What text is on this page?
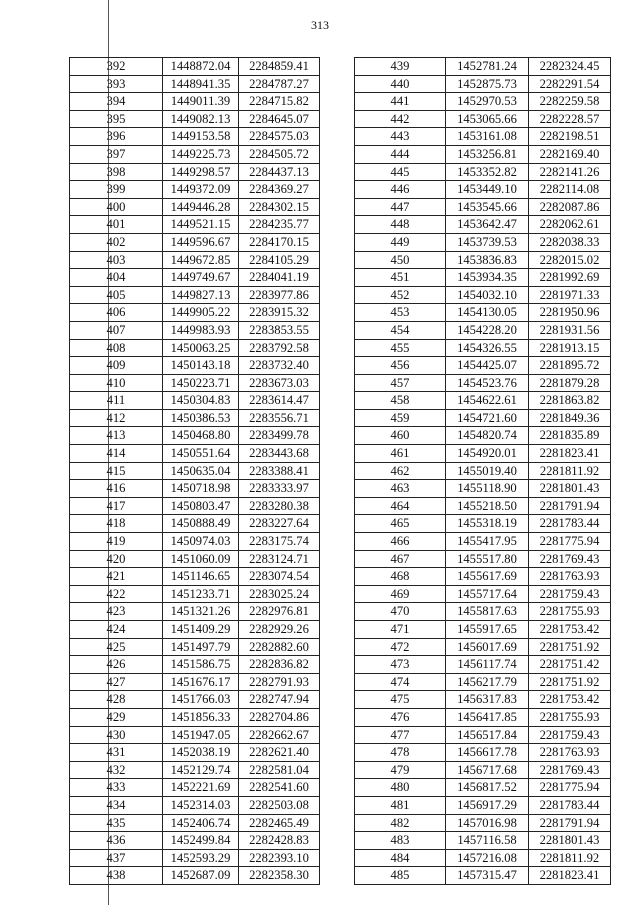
313
392	1448872.04	2284859.41
393	1448941.35	2284787.27
394	1449011.39	2284715.82
395	1449082.13	2284645.07
396	1449153.58	2284575.03
397	1449225.73	2284505.72
398	1449298.57	2284437.13
399	1449372.09	2284369.27
400	1449446.28	2284302.15
401	1449521.15	2284235.77
402	1449596.67	2284170.15
403	1449672.85	2284105.29
404	1449749.67	2284041.19
405	1449827.13	2283977.86
406	1449905.22	2283915.32
407	1449983.93	2283853.55
408	1450063.25	2283792.58
409	1450143.18	2283732.40
410	1450223.71	2283673.03
411	1450304.83	2283614.47
412	1450386.53	2283556.71
413	1450468.80	2283499.78
414	1450551.64	2283443.68
415	1450635.04	2283388.41
416	1450718.98	2283333.97
417	1450803.47	2283280.38
418	1450888.49	2283227.64
419	1450974.03	2283175.74
420	1451060.09	2283124.71
421	1451146.65	2283074.54
422	1451233.71	2283025.24
423	1451321.26	2282976.81
424	1451409.29	2282929.26
425	1451497.79	2282882.60
426	1451586.75	2282836.82
427	1451676.17	2282791.93
428	1451766.03	2282747.94
429	1451856.33	2282704.86
430	1451947.05	2282662.67
431	1452038.19	2282621.40
432	1452129.74	2282581.04
433	1452221.69	2282541.60
434	1452314.03	2282503.08
435	1452406.74	2282465.49
436	1452499.84	2282428.83
437	1452593.29	2282393.10
438	1452687.09	2282358.30
439	1452781.24	2282324.45
440	1452875.73	2282291.54
441	1452970.53	2282259.58
442	1453065.66	2282228.57
443	1453161.08	2282198.51
444	1453256.81	2282169.40
445	1453352.82	2282141.26
446	1453449.10	2282114.08
447	1453545.66	2282087.86
448	1453642.47	2282062.61
449	1453739.53	2282038.33
450	1453836.83	2282015.02
451	1453934.35	2281992.69
452	1454032.10	2281971.33
453	1454130.05	2281950.96
454	1454228.20	2281931.56
455	1454326.55	2281913.15
456	1454425.07	2281895.72
457	1454523.76	2281879.28
458	1454622.61	2281863.82
459	1454721.60	2281849.36
460	1454820.74	2281835.89
461	1454920.01	2281823.41
462	1455019.40	2281811.92
463	1455118.90	2281801.43
464	1455218.50	2281791.94
465	1455318.19	2281783.44
466	1455417.95	2281775.94
467	1455517.80	2281769.43
468	1455617.69	2281763.93
469	1455717.64	2281759.43
470	1455817.63	2281755.93
471	1455917.65	2281753.42
472	1456017.69	2281751.92
473	1456117.74	2281751.42
474	1456217.79	2281751.92
475	1456317.83	2281753.42
476	1456417.85	2281755.93
477	1456517.84	2281759.43
478	1456617.78	2281763.93
479	1456717.68	2281769.43
480	1456817.52	2281775.94
481	1456917.29	2281783.44
482	1457016.98	2281791.94
483	1457116.58	2281801.43
484	1457216.08	2281811.92
485	1457315.47	2281823.41
